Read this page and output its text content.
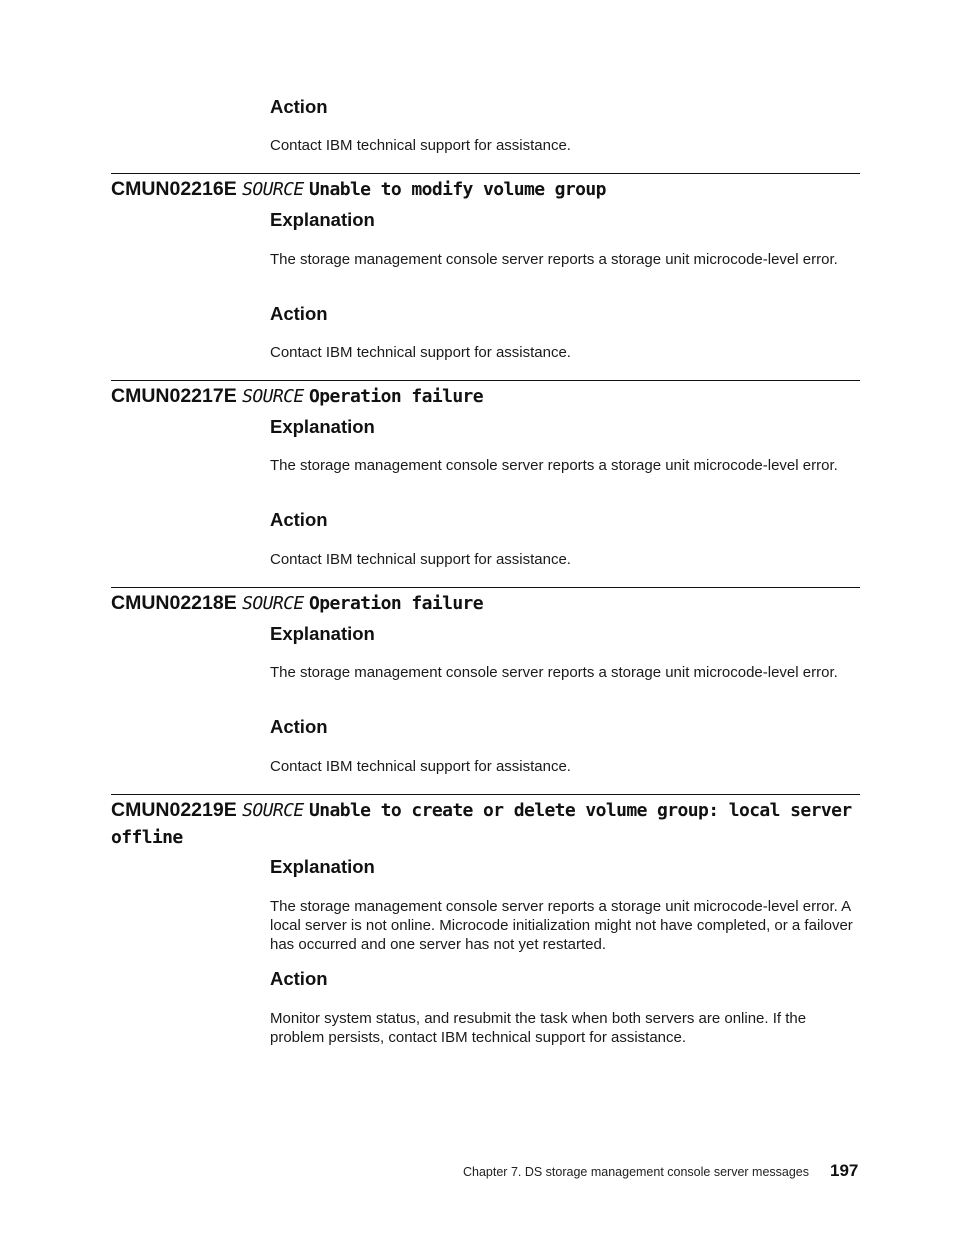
Action

Contact IBM technical support for assistance.

CMUN02216E SOURCE Unable to modify volume group
Explanation

The storage management console server reports a storage unit microcode-level error.

Action

Contact IBM technical support for assistance.

CMUN02217E SOURCE Operation failure
Explanation

The storage management console server reports a storage unit microcode-level error.

Action

Contact IBM technical support for assistance.

CMUN02218E SOURCE Operation failure
Explanation

The storage management console server reports a storage unit microcode-level error.

Action

Contact IBM technical support for assistance.

CMUN02219E SOURCE Unable to create or delete volume group: local server offline
Explanation

The storage management console server reports a storage unit microcode-level error. A local server is not online. Microcode initialization might not have completed, or a failover has occurred and one server has not yet restarted.

Action

Monitor system status, and resubmit the task when both servers are online. If the problem persists, contact IBM technical support for assistance.

Chapter 7. DS storage management console server messages 197
